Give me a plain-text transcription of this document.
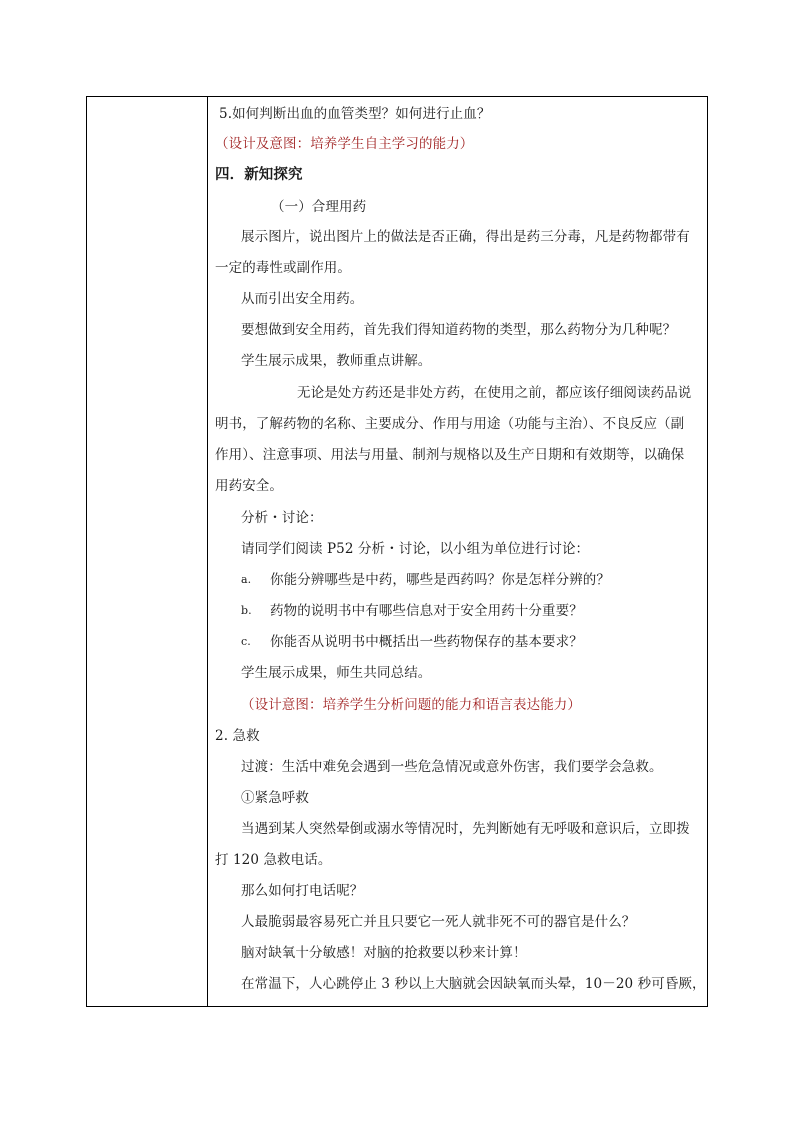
5.如何判断出血的血管类型？如何进行止血？
（设计及意图：培养学生自主学习的能力）
四．新知探究
（一）合理用药
展示图片，说出图片上的做法是否正确，得出是药三分毒，凡是药物都带有
一定的毒性或副作用。
从而引出安全用药。
要想做到安全用药，首先我们得知道药物的类型，那么药物分为几种呢？
学生展示成果，教师重点讲解。
无论是处方药还是非处方药，在使用之前，都应该仔细阅读药品说
明书，了解药物的名称、主要成分、作用与用途（功能与主治）、不良反应（副
作用）、注意事项、用法与用量、制剂与规格以及生产日期和有效期等，以确保
用药安全。
分析・讨论：
请同学们阅读 P52 分析・讨论，以小组为单位进行讨论：
a. 你能分辨哪些是中药，哪些是西药吗？你是怎样分辨的？
b. 药物的说明书中有哪些信息对于安全用药十分重要？
c. 你能否从说明书中概括出一些药物保存的基本要求？
学生展示成果，师生共同总结。
（设计意图：培养学生分析问题的能力和语言表达能力）
2. 急救
过渡：生活中难免会遇到一些危急情况或意外伤害，我们要学会急救。
①紧急呼救
当遇到某人突然晕倒或溺水等情况时，先判断她有无呼吸和意识后，立即拨
打 120 急救电话。
那么如何打电话呢？
人最脆弱最容易死亡并且只要它一死人就非死不可的器官是什么？
脑对缺氧十分敏感！对脑的抢救要以秒来计算！
在常温下，人心跳停止 3 秒以上大脑就会因缺氧而头晕，10－20 秒可昏厥，
